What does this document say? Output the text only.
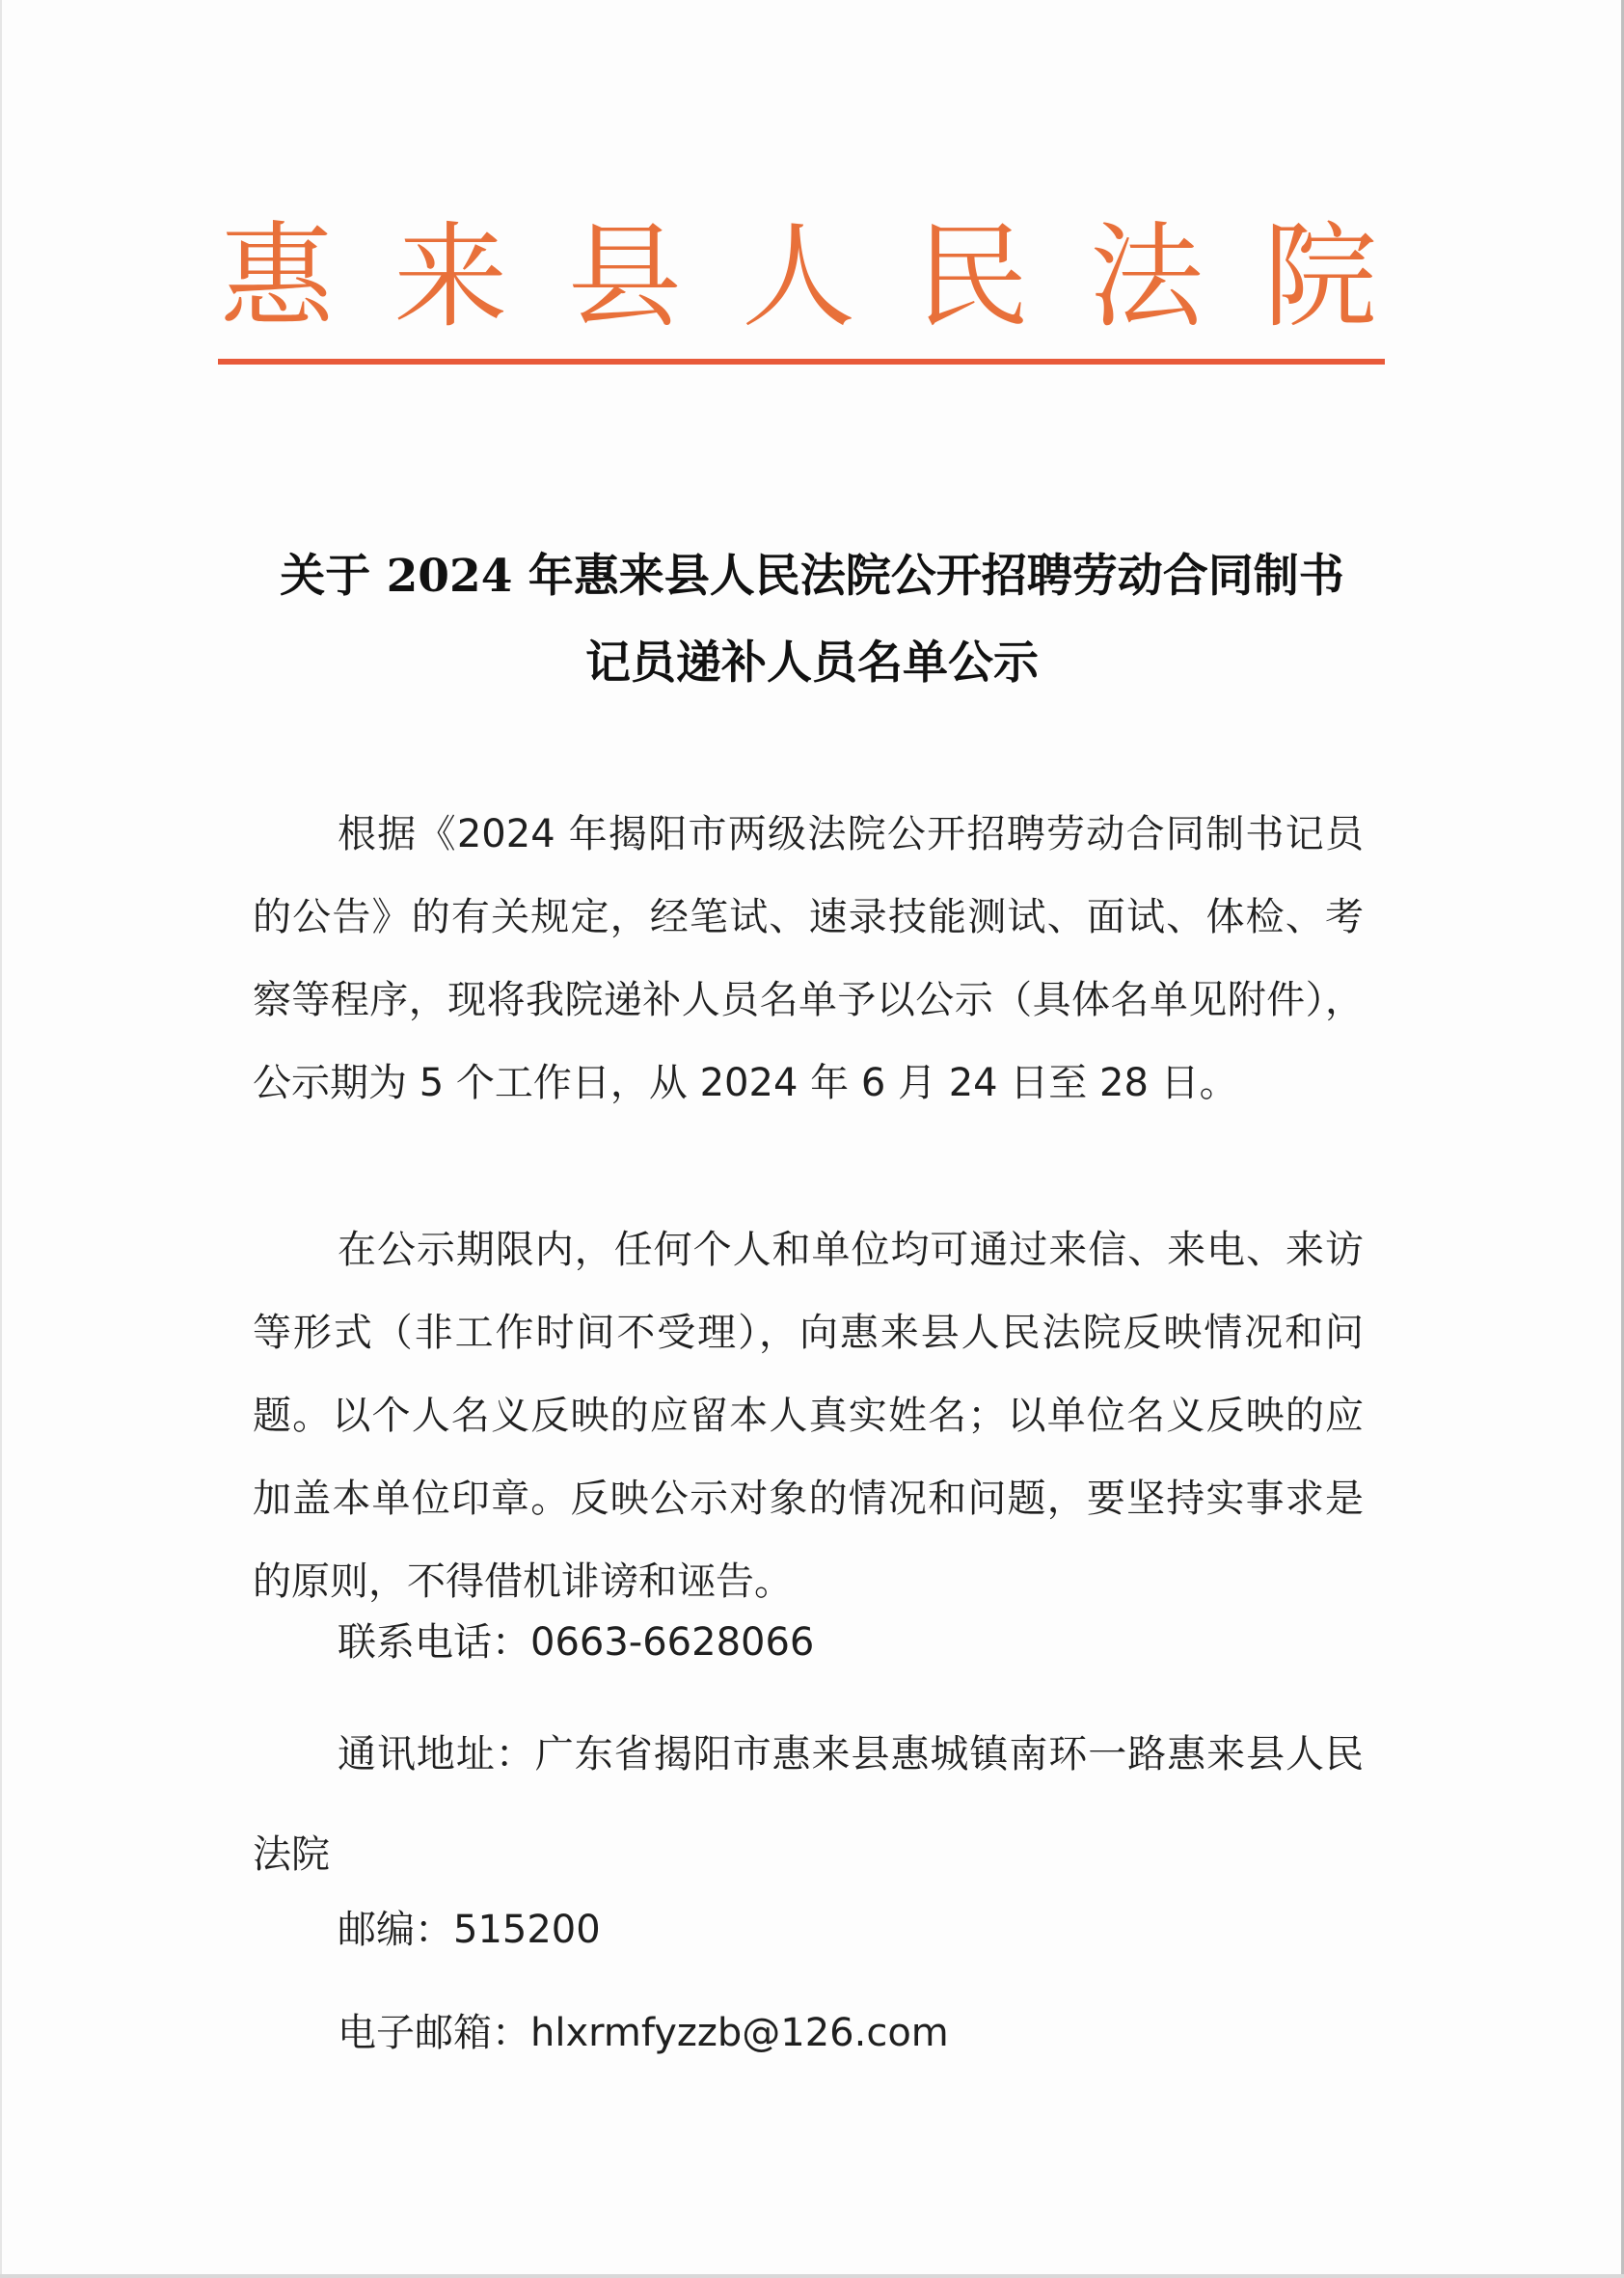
惠 来 县 人 民 法 院
关于 2024 年惠来县人民法院公开招聘劳动合同制书
记员递补人员名单公示
根据《2024 年揭阳市两级法院公开招聘劳动合同制书记员的公告》的有关规定，经笔试、速录技能测试、面试、体检、考察等程序，现将我院递补人员名单予以公示（具体名单见附件），公示期为 5 个工作日，从 2024 年 6 月 24 日至 28 日。
在公示期限内，任何个人和单位均可通过来信、来电、来访等形式（非工作时间不受理），向惠来县人民法院反映情况和问题。以个人名义反映的应留本人真实姓名；以单位名义反映的应加盖本单位印章。反映公示对象的情况和问题，要坚持实事求是的原则，不得借机诽谤和诬告。
联系电话：0663-6628066
通讯地址：广东省揭阳市惠来县惠城镇南环一路惠来县人民法院
邮编：515200
电子邮箱：hlxrmfyzzb@126.com
